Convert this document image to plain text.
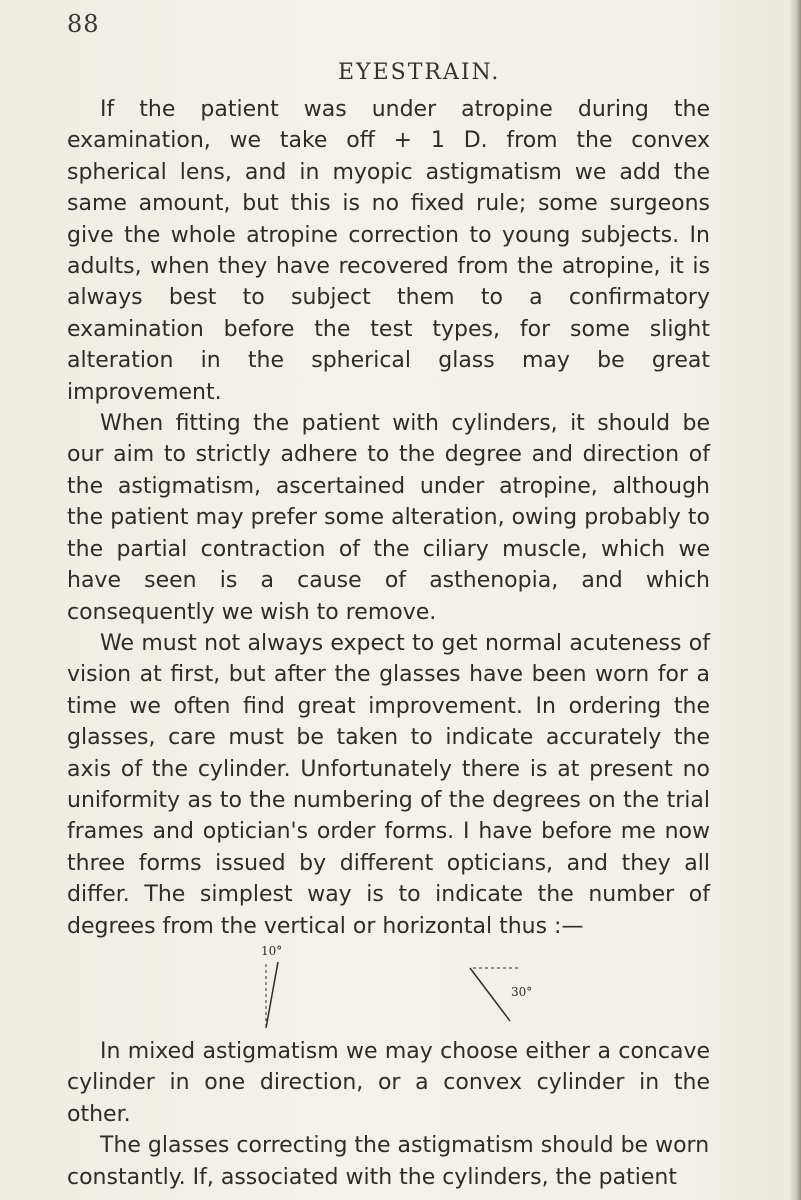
88
EYESTRAIN.

If the patient was under atropine during the examination, we take off + 1 D. from the convex spherical lens, and in myopic astigmatism we add the same amount, but this is no fixed rule; some surgeons give the whole atropine correction to young subjects. In adults, when they have recovered from the atropine, it is always best to subject them to a confirmatory examination before the test types, for some slight alteration in the spherical glass may be great improvement.

When fitting the patient with cylinders, it should be our aim to strictly adhere to the degree and direction of the astigmatism, ascertained under atropine, although the patient may prefer some alteration, owing probably to the partial contraction of the ciliary muscle, which we have seen is a cause of asthenopia, and which consequently we wish to remove.

We must not always expect to get normal acuteness of vision at first, but after the glasses have been worn for a time we often find great improvement. In ordering the glasses, care must be taken to indicate accurately the axis of the cylinder. Unfortunately there is at present no uniformity as to the numbering of the degrees on the trial frames and optician's order forms. I have before me now three forms issued by different opticians, and they all differ. The simplest way is to indicate the number of degrees from the vertical or horizontal thus :—

10°
30°

In mixed astigmatism we may choose either a concave cylinder in one direction, or a convex cylinder in the other.

The glasses correcting the astigmatism should be worn constantly. If, associated with the cylinders, the patient
